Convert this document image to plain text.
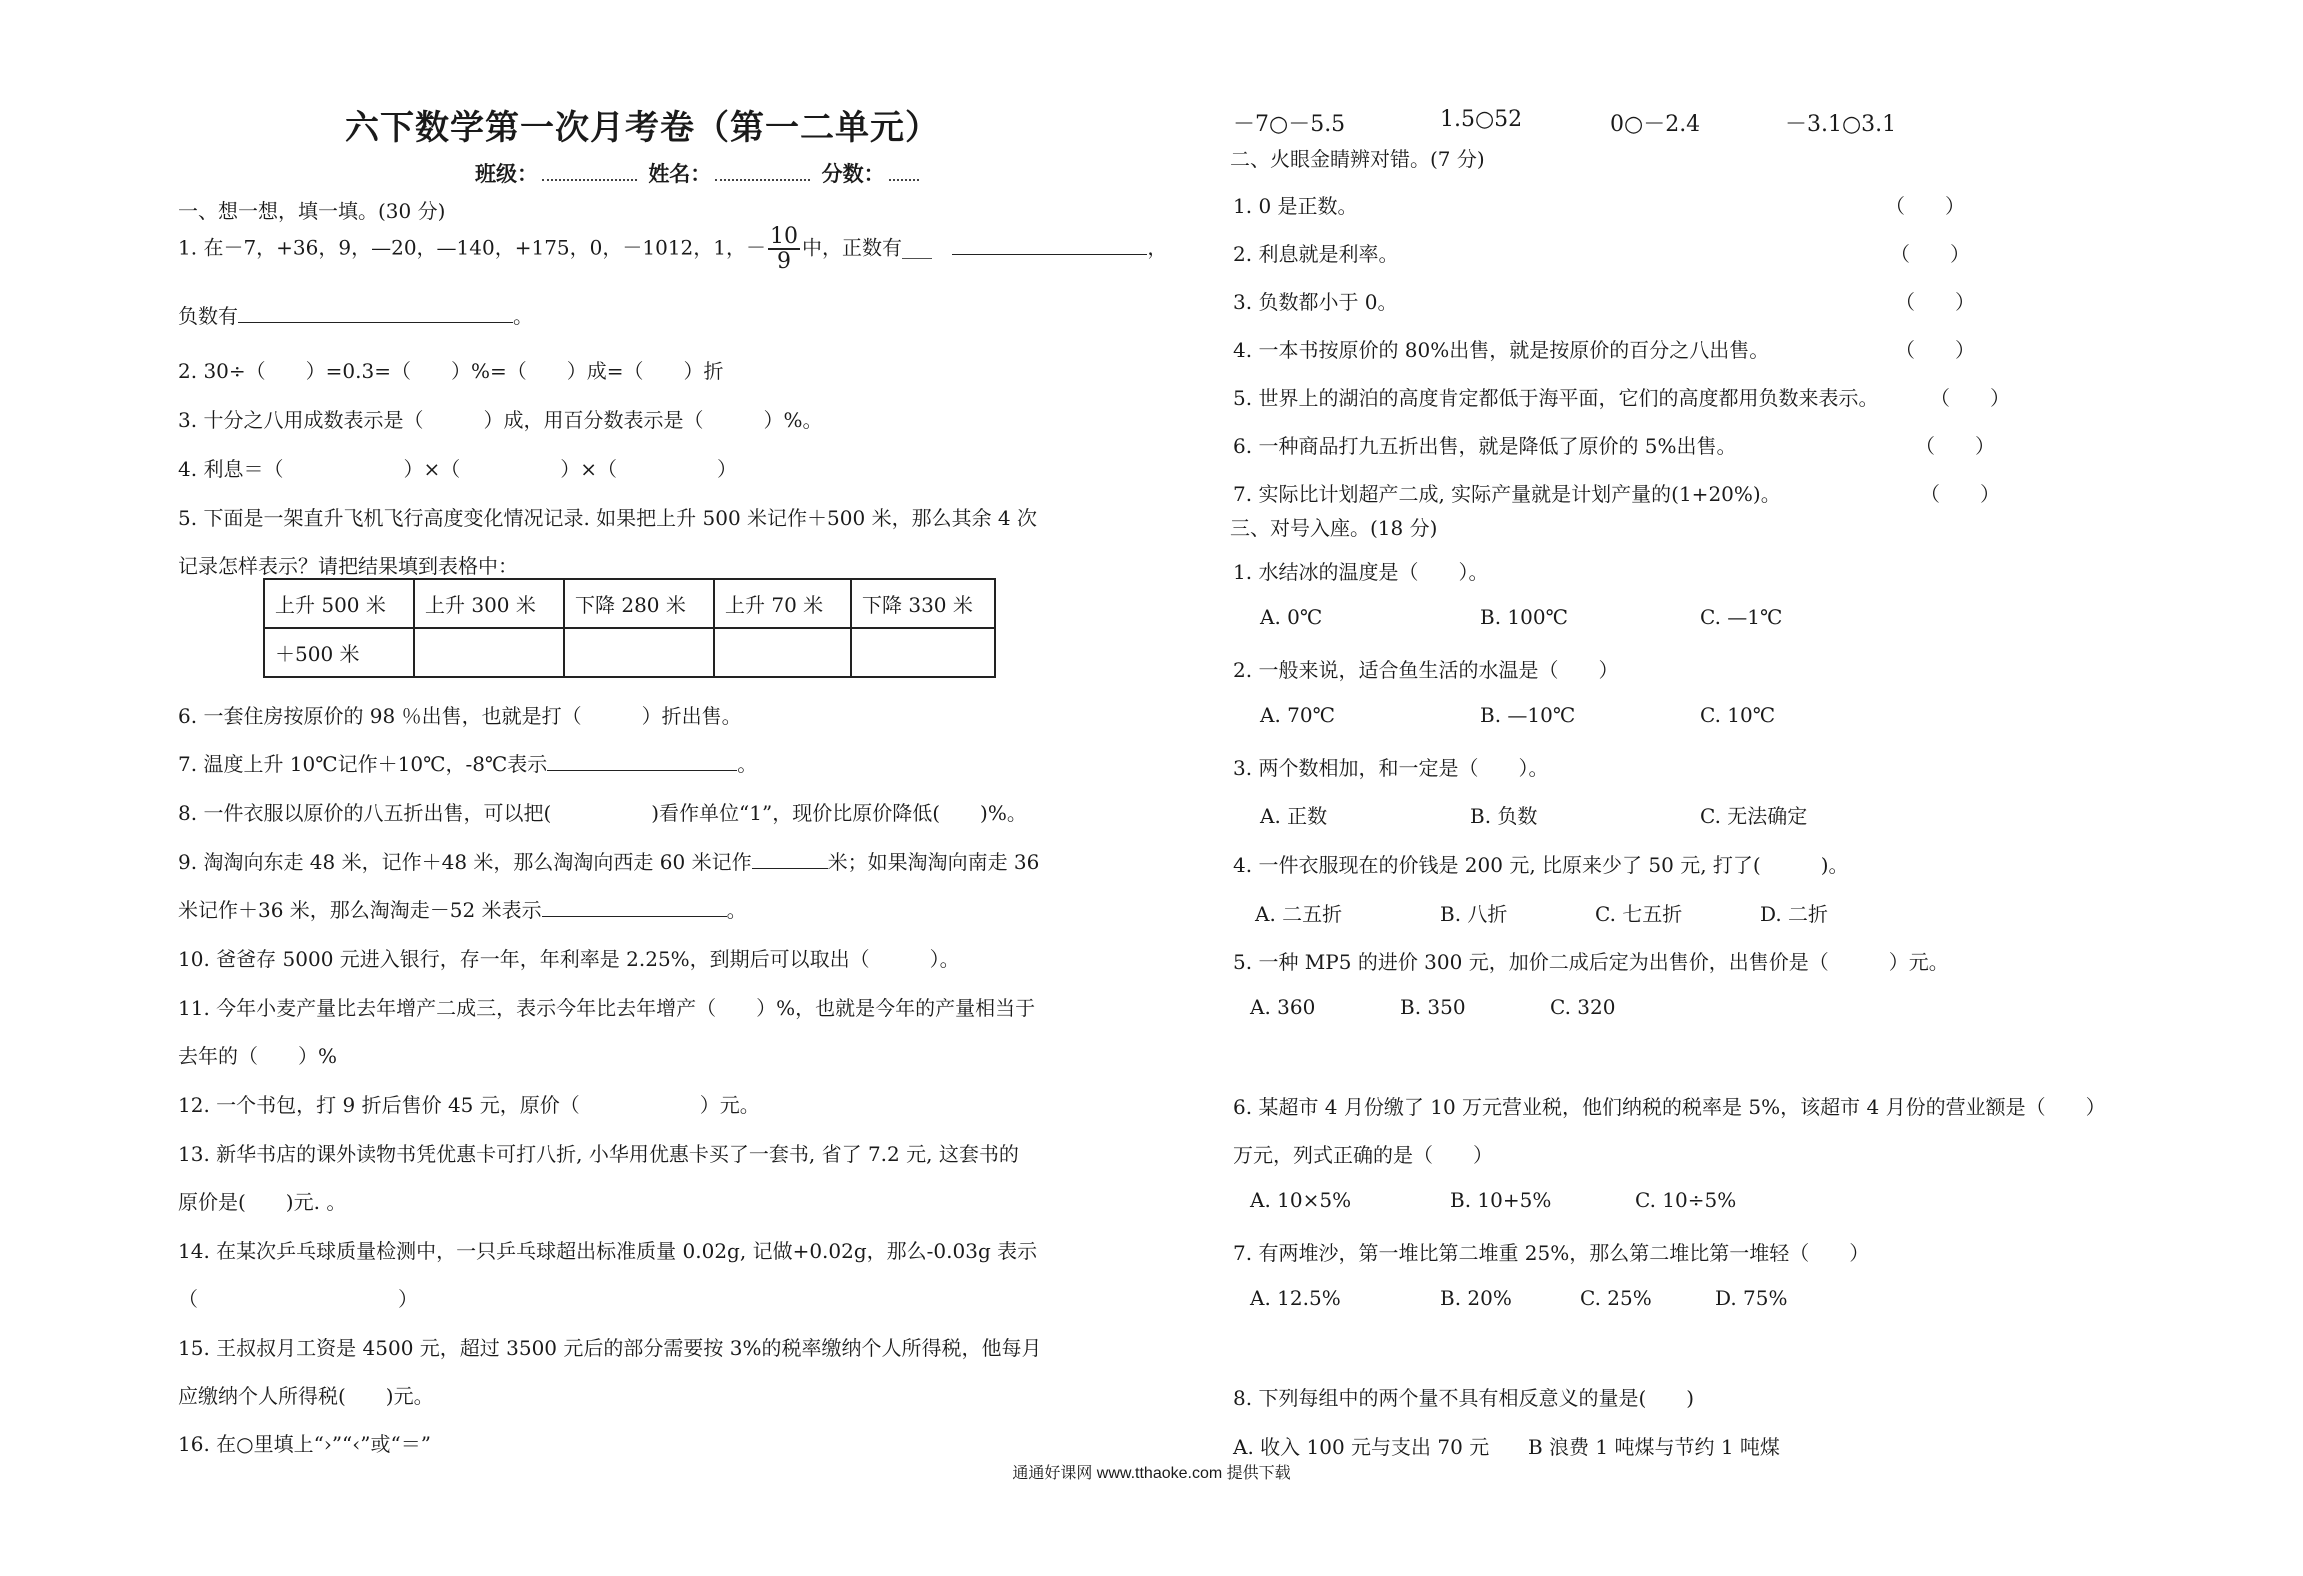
六下数学第一次月考卷（第一二单元）
班级：	姓名：	分数：
一、想一想，填一填。(30 分)
1. 在－7，+36，9，—20，—140，+175，0，－1012，1，－ $\frac{10}{9}$ 中，正数有___	，
负数有	。
2. 30÷（　　）=0.3=（　　）%=（　　）成=（　　）折
3. 十分之八用成数表示是（　　　）成，用百分数表示是（　　　）%。
4. 利息＝（　　　　　　）×（　　　　　）×（　　　　　）
5. 下面是一架直升飞机飞行高度变化情况记录. 如果把上升 500 米记作＋500 米，那么其余 4 次
记录怎样表示？请把结果填到表格中：
上升 500 米	上升 300 米	下降 280 米	上升 70 米	下降 330 米
＋500 米				
6. 一套住房按原价的 98 ％出售，也就是打（　　　）折出售。
7. 温度上升 10℃记作＋10℃，-8℃表示	。
8. 一件衣服以原价的八五折出售，可以把(　　　　　)看作单位“1”，现价比原价降低(　　)%。
9. 淘淘向东走 48 米，记作＋48 米，那么淘淘向西走 60 米记作	米；如果淘淘向南走 36
米记作＋36 米，那么淘淘走－52 米表示	。
10. 爸爸存 5000 元进入银行，存一年，年利率是 2.25%，到期后可以取出（　　　）。
11. 今年小麦产量比去年增产二成三，表示今年比去年增产（　　）%，也就是今年的产量相当于
去年的（　　）%
12. 一个书包，打 9 折后售价 45 元，原价（　　　　　　）元。
13. 新华书店的课外读物书凭优惠卡可打八折, 小华用优惠卡买了一套书, 省了 7.2 元, 这套书的
原价是(　　)元. 。
14. 在某次乒乓球质量检测中，一只乒乓球超出标准质量 0.02g, 记做+0.02g，那么-0.03g 表示
（　　　　　　　　　　）
15. 王叔叔月工资是 4500 元，超过 3500 元后的部分需要按 3%的税率缴纳个人所得税，他每月
应缴纳个人所得税(　　)元。
16. 在○里填上“›”“‹”或“＝”
－7○－5.5	1.5○52	0○－2.4	－3.1○3.1
二、火眼金睛辨对错。(7 分)
1. 0 是正数。	（　　）
2. 利息就是利率。	（　　）
3. 负数都小于 0。	（　　）
4. 一本书按原价的 80%出售，就是按原价的百分之八出售。	（　　）
5. 世界上的湖泊的高度肯定都低于海平面，它们的高度都用负数来表示。	（　　）
6. 一种商品打九五折出售，就是降低了原价的 5%出售。	（　　）
7. 实际比计划超产二成, 实际产量就是计划产量的(1+20%)。	（　　）
三、对号入座。(18 分)
1. 水结冰的温度是（　　）。
A. 0℃	B. 100℃	C. —1℃
2. 一般来说，适合鱼生活的水温是（　　）
A. 70℃	B. —10℃	C. 10℃
3. 两个数相加，和一定是（　　）。
A. 正数	B. 负数	C. 无法确定
4. 一件衣服现在的价钱是 200 元, 比原来少了 50 元, 打了(　　　)。
A. 二五折	B. 八折	C. 七五折	D. 二折
5. 一种 MP5 的进价 300 元，加价二成后定为出售价，出售价是（　　　）元。
A. 360	B. 350	C. 320
6. 某超市 4 月份缴了 10 万元营业税，他们纳税的税率是 5%，该超市 4 月份的营业额是（　　）
万元，列式正确的是（　　）
A. 10×5%	B. 10+5%	C. 10÷5%
7. 有两堆沙，第一堆比第二堆重 25%，那么第二堆比第一堆轻（　　）
A. 12.5%	B. 20%	C. 25%	D. 75%
8. 下列每组中的两个量不具有相反意义的量是(　　)
A. 收入 100 元与支出 70 元 B 浪费 1 吨煤与节约 1 吨煤
通通好课网 www.tthaoke.com 提供下载
